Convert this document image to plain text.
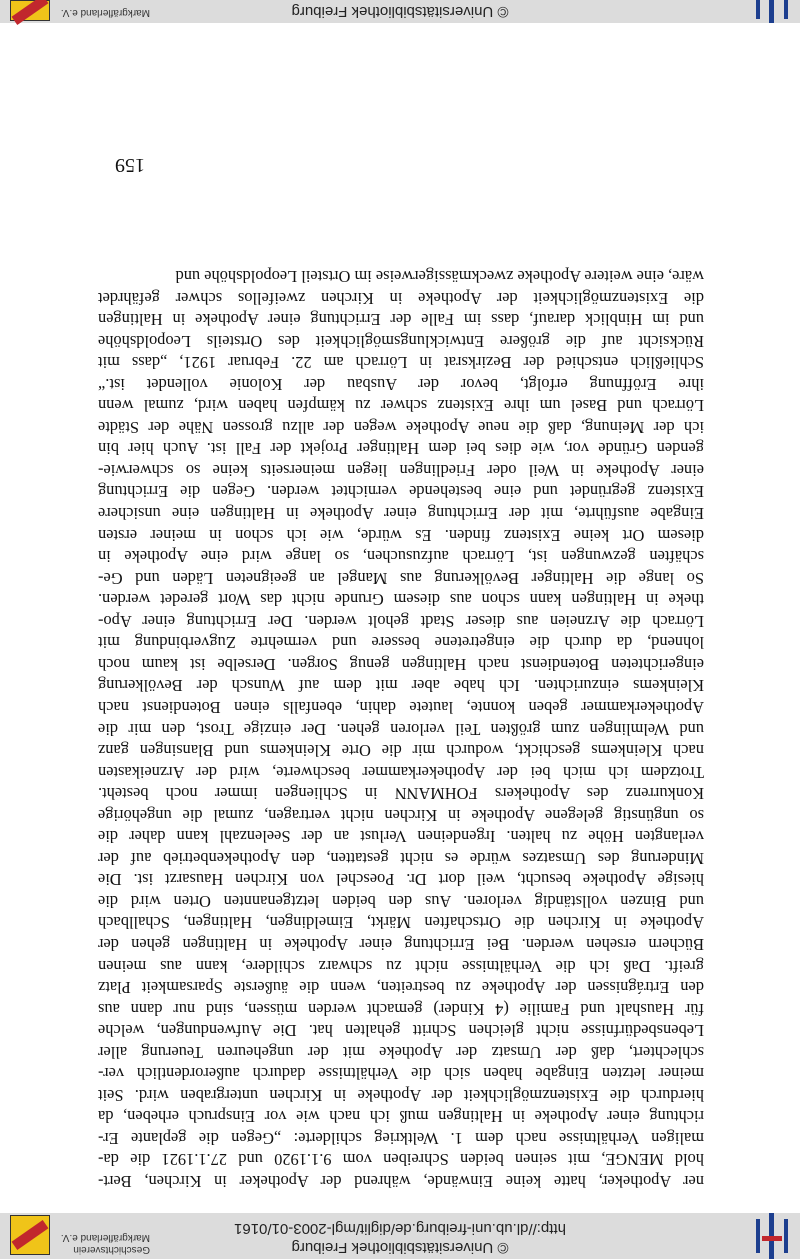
© Universitätsbibliothek Freiburg
http://dl.ub.uni-freiburg.de/diglit/mgl-2003-01/0161
Geschichtsverein
Markgräflerland e.V.
159
ner Apotheker, hatte keine Einwände, während der Apotheker in Kirchen, Bert-
hold MENGE, mit seinen beiden Schreiben vom 9.1.1920 und 27.1.1921 die da-
maligen Verhältnisse nach dem 1. Weltkrieg schilderte: „Gegen die geplante Er-
richtung einer Apotheke in Haltingen muß ich nach wie vor Einspruch erheben, da
hierdurch die Existenzmöglichkeit der Apotheke in Kirchen untergraben wird. Seit
meiner letzten Eingabe haben sich die Verhältnisse dadurch außerordentlich ver-
schlechtert, daß der Umsatz der Apotheke mit der ungeheuren Teuerung aller
Lebensbedürfnisse nicht gleichen Schritt gehalten hat. Die Aufwendungen, welche
für Haushalt und Familie (4 Kinder) gemacht werden müssen, sind nur dann aus
den Ertrágnissen der Apotheke zu bestreiten, wenn die äußerste Sparsamkeit Platz
greift. Daß ich die Verhältnisse nicht zu schwarz schildere, kann aus meinen
Büchern ersehen werden. Bei Errichtung einer Apotheke in Haltingen gehen der
Apotheke in Kirchen die Ortschaften Märkt, Eimeldingen, Haltingen, Schallbach
und Binzen vollständig verloren. Aus den beiden letztgenannten Orten wird die
hiesige Apotheke besucht, weil dort Dr. Poeschel von Kirchen Hausarzt ist. Die
Minderung des Umsatzes würde es nicht gestatten, den Apothekenbetrieb auf der
verlangten Höhe zu halten. Irgendeinen Verlust an der Seelenzahl kann daher die
so ungünstig gelegene Apotheke in Kirchen nicht vertragen, zumal die ungehörige
Konkurrenz des Apothekers FOHMANN in Schliengen immer noch besteht.
Trotzdem ich mich bei der Apothekerkammer beschwerte, wird der Arzneikasten
nach Kleinkems geschickt, wodurch mir die Orte Kleinkems und Blansingen ganz
und Welmlingen zum größten Teil verloren gehen. Der einzige Trost, den mir die
Apothekerkammer geben konnte, lautete dahin, ebenfalls einen Botendienst nach
Kleinkems einzurichten. Ich habe aber mit dem auf Wunsch der Bevölkerung
eingerichteten Botendienst nach Haltingen genug Sorgen. Derselbe ist kaum noch
lohnend, da durch die eingetretene bessere und vermehrte Zugverbindung mit
Lörrach die Arzneien aus dieser Stadt geholt werden. Der Errichtung einer Apo-
theke in Haltingen kann schon aus diesem Grunde nicht das Wort geredet werden.
So lange die Haltinger Bevölkerung aus Mangel an geeigneten Läden und Ge-
schäften gezwungen ist, Lörrach aufzusuchen, so lange wird eine Apotheke in
diesem Ort keine Existenz finden. Es würde, wie ich schon in meiner ersten
Eingabe ausführte, mit der Errichtung einer Apotheke in Haltingen eine unsichere
Existenz gegründet und eine bestehende vernichtet werden. Gegen die Errichtung
einer Apotheke in Weil oder Friedlingen liegen meinerseits keine so schwerwie-
genden Gründe vor, wie dies bei dem Haltinger Projekt der Fall ist. Auch hier bin
ich der Meinung, daß die neue Apotheke wegen der allzu grossen Nähe der Städte
Lörrach und Basel um ihre Existenz schwer zu kämpfen haben wird, zumal wenn
ihre Eröffnung erfolgt, bevor der Ausbau der Kolonie vollendet ist.“
Schließlich entschied der Bezirksrat in Lörrach am 22. Februar 1921, „dass mit
Rücksicht auf die größere Entwicklungsmöglichkeit des Ortsteils Leopoldshöhe
und im Hinblick darauf, dass im Falle der Errichtung einer Apotheke in Haltingen
die Existenzmöglichkeit der Apotheke in Kirchen zweifellos schwer gefährdet
wäre, eine weitere Apotheke zweckmässigerweise im Ortsteil Leopoldshöhe und
© Universitätsbibliothek Freiburg
Markgräflerland e.V.
